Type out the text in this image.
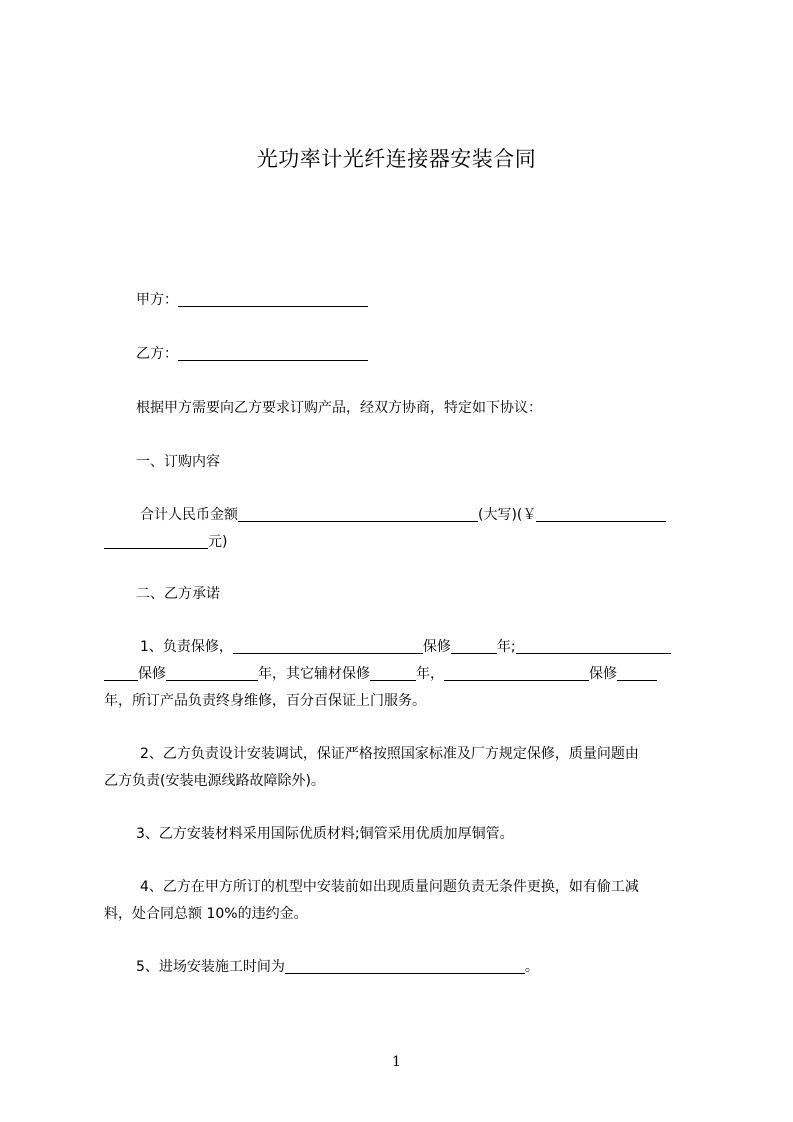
光功率计光纤连接器安装合同
甲方：
乙方：
根据甲方需要向乙方要求订购产品，经双方协商，特定如下协议：
一、订购内容
合计人民币金额	(大写)(￥
元)
二、乙方承诺
1、负责保修，	保修	年;
保修	年，其它辅材保修	年，	保修
年，所订产品负责终身维修，百分百保证上门服务。
2、乙方负责设计安装调试，保证严格按照国家标准及厂方规定保修，质量问题由
乙方负责(安装电源线路故障除外)。
3、乙方安装材料采用国际优质材料;铜管采用优质加厚铜管。
4、乙方在甲方所订的机型中安装前如出现质量问题负责无条件更换，如有偷工减
料，处合同总额 10%的违约金。
5、进场安装施工时间为	。
1
